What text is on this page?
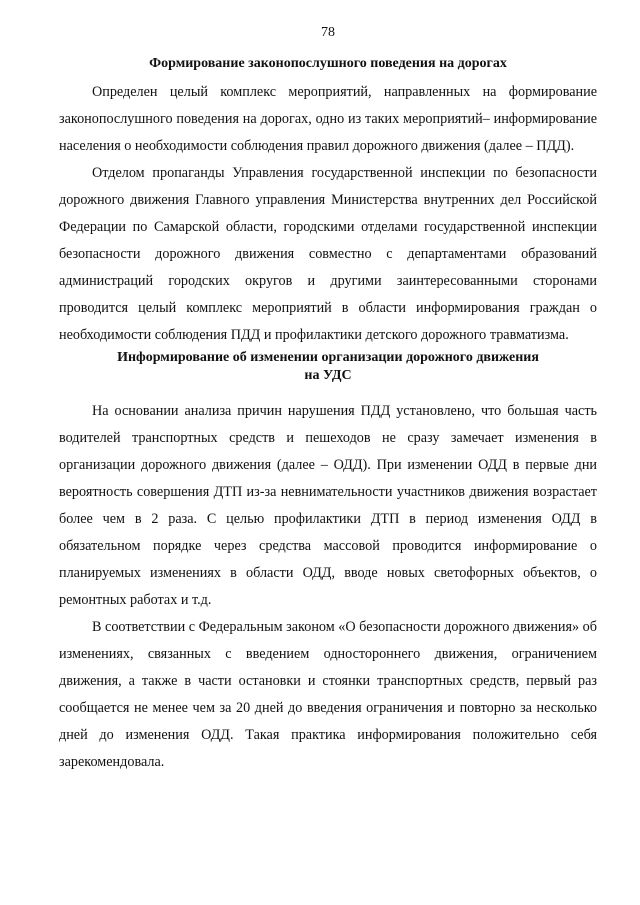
78
Формирование законопослушного поведения на дорогах

Определен целый комплекс мероприятий, направленных на формирование законопослушного поведения на дорогах, одно из таких мероприятий– информирование населения о необходимости соблюдения правил дорожного движения (далее – ПДД).

Отделом пропаганды Управления государственной инспекции по безопасности дорожного движения Главного управления Министерства внутренних дел Российской Федерации по Самарской области, городскими отделами государственной инспекции безопасности дорожного движения совместно с департаментами образований администраций городских округов и другими заинтересованными сторонами проводится целый комплекс мероприятий в области информирования граждан о необходимости соблюдения ПДД и профилактики детского дорожного травматизма.

Информирование об изменении организации дорожного движения
на УДС

На основании анализа причин нарушения ПДД установлено, что большая часть водителей транспортных средств и пешеходов не сразу замечает изменения в организации дорожного движения (далее – ОДД). При изменении ОДД в первые дни вероятность совершения ДТП из-за невнимательности участников движения возрастает более чем в 2 раза. С целью профилактики ДТП в период изменения ОДД в обязательном порядке через средства массовой проводится информирование о планируемых изменениях в области ОДД, вводе новых светофорных объектов, о ремонтных работах и т.д.

В соответствии с Федеральным законом «О безопасности дорожного движения» об изменениях, связанных с введением одностороннего движения, ограничением движения, а также в части остановки и стоянки транспортных средств, первый раз сообщается не менее чем за 20 дней до введения ограничения и повторно за несколько дней до изменения ОДД. Такая практика информирования положительно себя зарекомендовала.
